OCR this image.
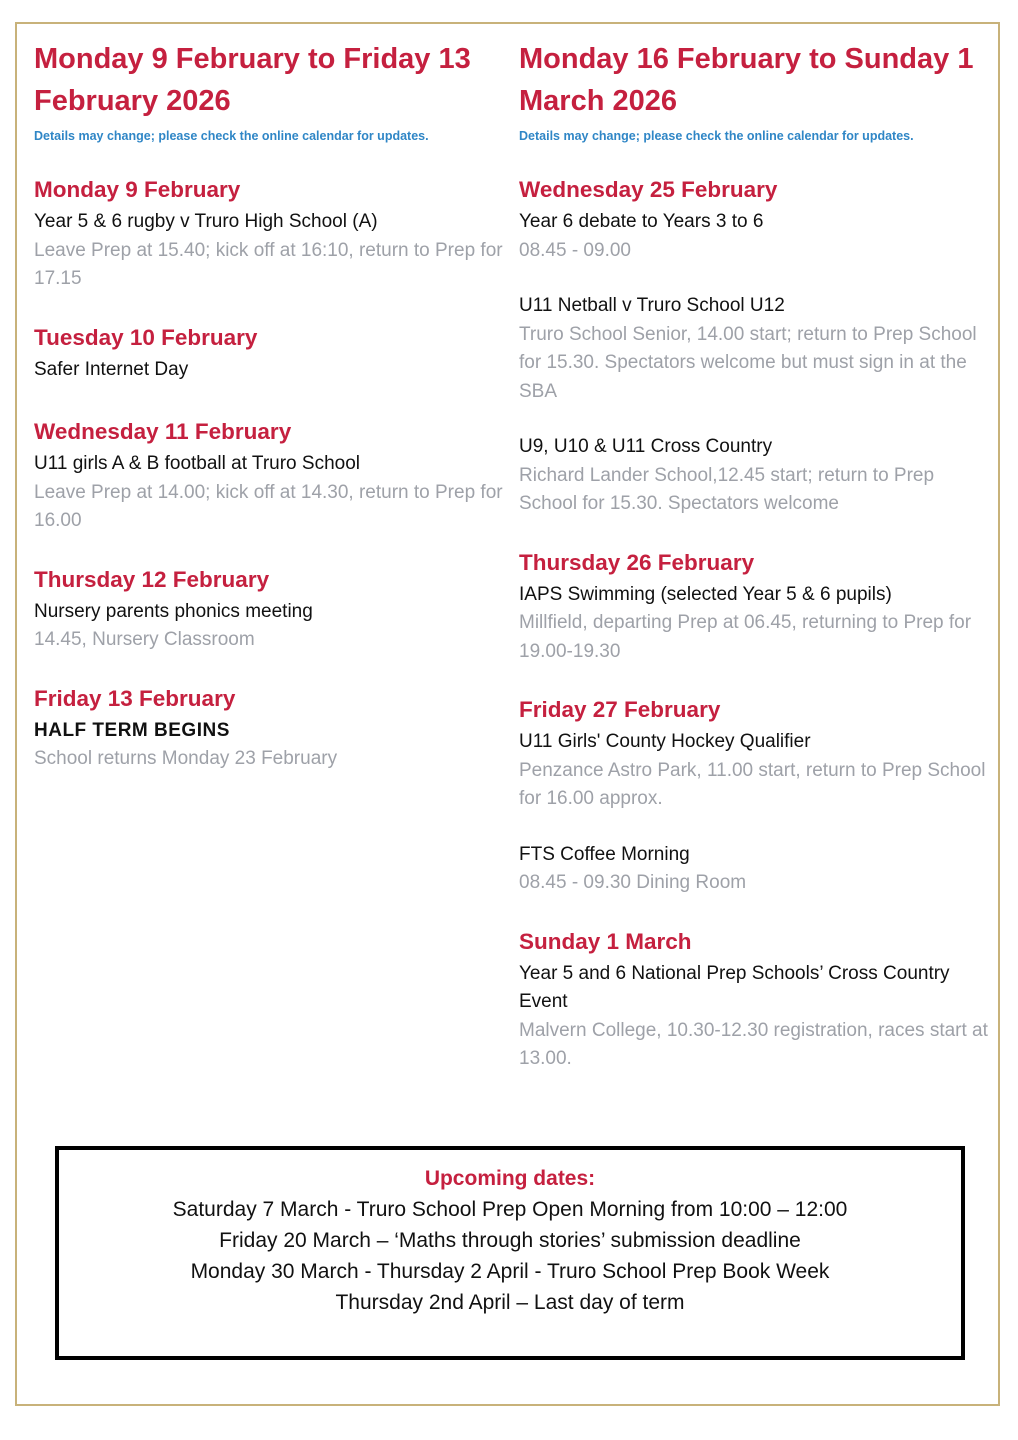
Monday 9 February to Friday 13 February 2026

Details may change; please check the online calendar for updates.

Monday 9 February

Year 5 & 6 rugby v Truro High School (A)

Leave Prep at 15.40; kick off at 16:10, return to Prep for 17.15

Tuesday 10 February

Safer Internet Day

Wednesday 11 February

U11 girls A & B football at Truro School

Leave Prep at 14.00; kick off at 14.30, return to Prep for 16.00

Thursday 12 February

Nursery parents phonics meeting

14.45, Nursery Classroom

Friday 13 February

HALF TERM BEGINS

School returns Monday 23 February

Monday 16 February to Sunday 1 March 2026

Details may change; please check the online calendar for updates.

Wednesday 25 February

Year 6 debate to Years 3 to 6

08.45 - 09.00

U11 Netball v Truro School U12

Truro School Senior, 14.00 start; return to Prep School for 15.30. Spectators welcome but must sign in at the SBA

U9, U10 & U11 Cross Country

Richard Lander School,12.45 start; return to Prep School for 15.30. Spectators welcome

Thursday 26 February

IAPS Swimming (selected Year 5 & 6 pupils)

Millfield, departing Prep at 06.45, returning to Prep for 19.00-19.30

Friday 27 February

U11 Girls' County Hockey Qualifier

Penzance Astro Park, 11.00 start, return to Prep School for 16.00 approx.

FTS Coffee Morning

08.45 - 09.30 Dining Room

Sunday 1 March

Year 5 and 6 National Prep Schools’ Cross Country Event

Malvern College, 10.30-12.30 registration, races start at 13.00.

Upcoming dates:

Saturday 7 March - Truro School Prep Open Morning from 10:00 – 12:00

Friday 20 March – ‘Maths through stories’ submission deadline

Monday 30 March - Thursday 2 April - Truro School Prep Book Week

Thursday 2nd April – Last day of term
